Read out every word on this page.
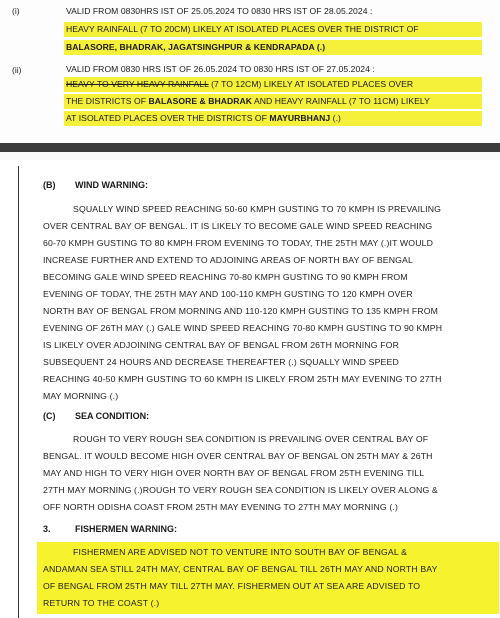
(i)	VALID FROM 0830HRS IST OF 25.05.2024 TO 0830 HRS IST OF 28.05.2024 :
HEAVY RAINFALL (7 TO 20CM) LIKELY AT ISOLATED PLACES OVER THE DISTRICT OF
BALASORE, BHADRAK, JAGATSINGHPUR & KENDRAPADA (.)
(ii)	VALID FROM 0830 HRS IST OF 26.05.2024 TO 0830 HRS IST OF 27.05.2024 :
HEAVY TO VERY HEAVY RAINFALL (7 TO 12CM) LIKELY AT ISOLATED PLACES OVER
THE DISTRICTS OF BALASORE & BHADRAK AND HEAVY RAINFALL (7 TO 11CM) LIKELY
AT ISOLATED PLACES OVER THE DISTRICTS OF MAYURBHANJ (.)
(B) WIND WARNING:
SQUALLY WIND SPEED REACHING 50-60 KMPH GUSTING TO 70 KMPH IS PREVAILING
OVER CENTRAL BAY OF BENGAL. IT IS LIKELY TO BECOME GALE WIND SPEED REACHING
60-70 KMPH GUSTING TO 80 KMPH FROM EVENING TO TODAY, THE 25TH MAY (.)IT WOULD
INCREASE FURTHER AND EXTEND TO ADJOINING AREAS OF NORTH BAY OF BENGAL
BECOMING GALE WIND SPEED REACHING 70-80 KMPH GUSTING TO 90 KMPH FROM
EVENING OF TODAY, THE 25TH MAY AND 100-110 KMPH GUSTING TO 120 KMPH OVER
NORTH BAY OF BENGAL FROM MORNING AND 110-120 KMPH GUSTING TO 135 KMPH FROM
EVENING OF 26TH MAY (.) GALE WIND SPEED REACHING 70-80 KMPH GUSTING TO 90 KMPH
IS LIKELY OVER ADJOINING CENTRAL BAY OF BENGAL FROM 26TH MORNING FOR
SUBSEQUENT 24 HOURS AND DECREASE THEREAFTER (.) SQUALLY WIND SPEED
REACHING 40-50 KMPH GUSTING TO 60 KMPH IS LIKELY FROM 25TH MAY EVENING TO 27TH
MAY MORNING (.)
(C) SEA CONDITION:
ROUGH TO VERY ROUGH SEA CONDITION IS PREVAILING OVER CENTRAL BAY OF
BENGAL. IT WOULD BECOME HIGH OVER CENTRAL BAY OF BENGAL ON 25TH MAY & 26TH
MAY AND HIGH TO VERY HIGH OVER NORTH BAY OF BENGAL FROM 25TH EVENING TILL
27TH MAY MORNING (.)ROUGH TO VERY ROUGH SEA CONDITION IS LIKELY OVER ALONG &
OFF NORTH ODISHA COAST FROM 25TH MAY EVENING TO 27TH MAY MORNING (.)
3.	FISHERMEN WARNING:
FISHERMEN ARE ADVISED NOT TO VENTURE INTO SOUTH BAY OF BENGAL &
ANDAMAN SEA STILL 24TH MAY, CENTRAL BAY OF BENGAL TILL 26TH MAY AND NORTH BAY
OF BENGAL FROM 25TH MAY TILL 27TH MAY. FISHERMEN OUT AT SEA ARE ADVISED TO
RETURN TO THE COAST (.)
